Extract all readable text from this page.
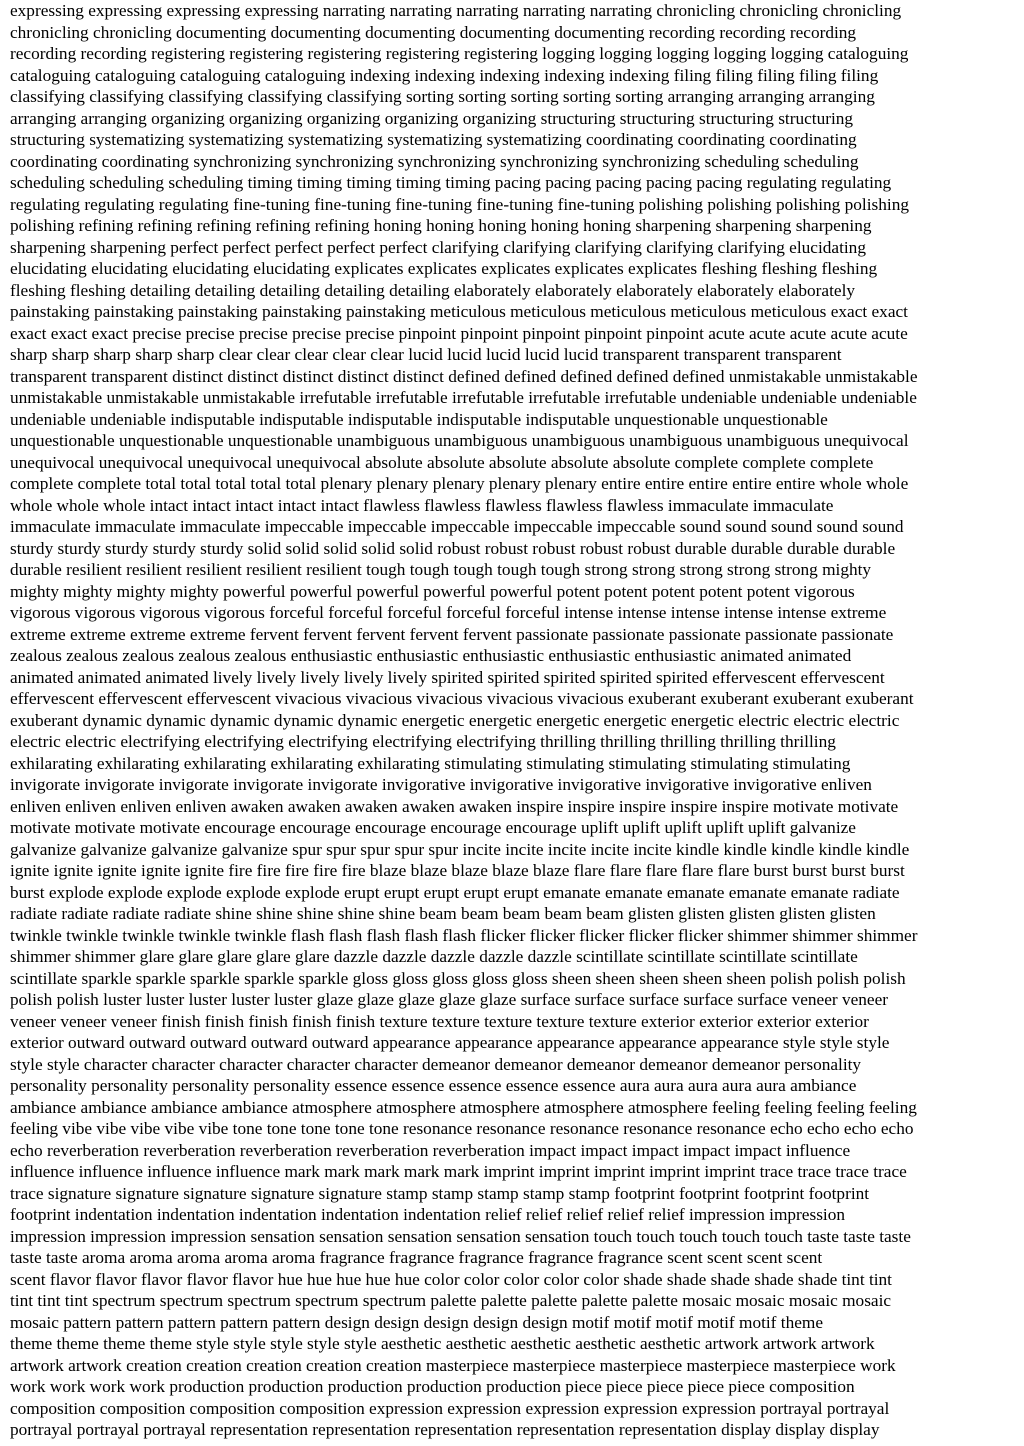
expressing expressing expressing expressing narrating narrating narrating narrating narrating chronicling chronicling chronicling
chronicling chronicling documenting documenting documenting documenting documenting recording recording recording
recording recording registering registering registering registering registering logging logging logging logging logging cataloguing
cataloguing cataloguing cataloguing cataloguing indexing indexing indexing indexing indexing filing filing filing filing filing
classifying classifying classifying classifying classifying sorting sorting sorting sorting sorting arranging arranging arranging
arranging arranging organizing organizing organizing organizing organizing structuring structuring structuring structuring
structuring systematizing systematizing systematizing systematizing systematizing coordinating coordinating coordinating
coordinating coordinating synchronizing synchronizing synchronizing synchronizing synchronizing scheduling scheduling
scheduling scheduling scheduling timing timing timing timing timing pacing pacing pacing pacing pacing regulating regulating
regulating regulating regulating fine-tuning fine-tuning fine-tuning fine-tuning fine-tuning polishing polishing polishing polishing
polishing refining refining refining refining refining honing honing honing honing honing sharpening sharpening sharpening
sharpening sharpening perfect perfect perfect perfect perfect clarifying clarifying clarifying clarifying clarifying elucidating
elucidating elucidating elucidating elucidating explicates explicates explicates explicates explicates fleshing fleshing fleshing
fleshing fleshing detailing detailing detailing detailing detailing elaborately elaborately elaborately elaborately elaborately
painstaking painstaking painstaking painstaking painstaking meticulous meticulous meticulous meticulous meticulous exact exact
exact exact exact precise precise precise precise precise pinpoint pinpoint pinpoint pinpoint pinpoint acute acute acute acute acute
sharp sharp sharp sharp sharp clear clear clear clear clear lucid lucid lucid lucid lucid transparent transparent transparent
transparent transparent distinct distinct distinct distinct distinct defined defined defined defined defined unmistakable unmistakable
unmistakable unmistakable unmistakable irrefutable irrefutable irrefutable irrefutable irrefutable undeniable undeniable undeniable
undeniable undeniable indisputable indisputable indisputable indisputable indisputable unquestionable unquestionable
unquestionable unquestionable unquestionable unambiguous unambiguous unambiguous unambiguous unambiguous unequivocal
unequivocal unequivocal unequivocal unequivocal absolute absolute absolute absolute absolute complete complete complete
complete complete total total total total total plenary plenary plenary plenary plenary entire entire entire entire entire whole whole
whole whole whole intact intact intact intact intact flawless flawless flawless flawless flawless immaculate immaculate
immaculate immaculate immaculate impeccable impeccable impeccable impeccable impeccable sound sound sound sound sound
sturdy sturdy sturdy sturdy sturdy solid solid solid solid solid robust robust robust robust robust durable durable durable durable
durable resilient resilient resilient resilient resilient tough tough tough tough tough strong strong strong strong strong mighty
mighty mighty mighty mighty powerful powerful powerful powerful powerful potent potent potent potent potent vigorous
vigorous vigorous vigorous vigorous forceful forceful forceful forceful forceful intense intense intense intense intense extreme
extreme extreme extreme extreme fervent fervent fervent fervent fervent passionate passionate passionate passionate passionate
zealous zealous zealous zealous zealous enthusiastic enthusiastic enthusiastic enthusiastic enthusiastic animated animated
animated animated animated lively lively lively lively lively spirited spirited spirited spirited spirited effervescent effervescent
effervescent effervescent effervescent vivacious vivacious vivacious vivacious vivacious exuberant exuberant exuberant exuberant
exuberant dynamic dynamic dynamic dynamic dynamic energetic energetic energetic energetic energetic electric electric electric
electric electric electrifying electrifying electrifying electrifying electrifying thrilling thrilling thrilling thrilling thrilling
exhilarating exhilarating exhilarating exhilarating exhilarating stimulating stimulating stimulating stimulating stimulating
invigorate invigorate invigorate invigorate invigorate invigorative invigorative invigorative invigorative invigorative enliven
enliven enliven enliven enliven awaken awaken awaken awaken awaken inspire inspire inspire inspire inspire motivate motivate
motivate motivate motivate encourage encourage encourage encourage encourage uplift uplift uplift uplift uplift galvanize
galvanize galvanize galvanize galvanize spur spur spur spur spur incite incite incite incite incite kindle kindle kindle kindle kindle
ignite ignite ignite ignite ignite fire fire fire fire fire blaze blaze blaze blaze blaze flare flare flare flare flare burst burst burst burst
burst explode explode explode explode explode erupt erupt erupt erupt erupt emanate emanate emanate emanate emanate radiate
radiate radiate radiate radiate shine shine shine shine shine beam beam beam beam beam glisten glisten glisten glisten glisten
twinkle twinkle twinkle twinkle twinkle flash flash flash flash flash flicker flicker flicker flicker flicker shimmer shimmer shimmer
shimmer shimmer glare glare glare glare glare dazzle dazzle dazzle dazzle dazzle scintillate scintillate scintillate scintillate
scintillate sparkle sparkle sparkle sparkle sparkle gloss gloss gloss gloss gloss sheen sheen sheen sheen sheen polish polish polish
polish polish luster luster luster luster luster glaze glaze glaze glaze glaze surface surface surface surface surface veneer veneer
veneer veneer veneer finish finish finish finish finish texture texture texture texture texture exterior exterior exterior exterior
exterior outward outward outward outward outward appearance appearance appearance appearance appearance style style style
style style character character character character character demeanor demeanor demeanor demeanor demeanor personality
personality personality personality personality essence essence essence essence essence aura aura aura aura aura ambiance
ambiance ambiance ambiance ambiance atmosphere atmosphere atmosphere atmosphere atmosphere feeling feeling feeling feeling
feeling vibe vibe vibe vibe vibe tone tone tone tone tone resonance resonance resonance resonance resonance echo echo echo echo
echo reverberation reverberation reverberation reverberation reverberation impact impact impact impact impact influence
influence influence influence influence mark mark mark mark mark imprint imprint imprint imprint imprint trace trace trace trace
trace signature signature signature signature signature stamp stamp stamp stamp stamp footprint footprint footprint footprint
footprint indentation indentation indentation indentation indentation relief relief relief relief relief impression impression
impression impression impression sensation sensation sensation sensation sensation touch touch touch touch touch taste taste taste
taste taste aroma aroma aroma aroma aroma fragrance fragrance fragrance fragrance fragrance scent scent scent scent
scent flavor flavor flavor flavor flavor hue hue hue hue hue color color color color color shade shade shade shade shade tint tint
tint tint tint spectrum spectrum spectrum spectrum spectrum palette palette palette palette palette mosaic mosaic mosaic mosaic
mosaic pattern pattern pattern pattern pattern design design design design design motif motif motif motif motif theme
theme theme theme theme style style style style style aesthetic aesthetic aesthetic aesthetic aesthetic artwork artwork artwork
artwork artwork creation creation creation creation creation masterpiece masterpiece masterpiece masterpiece masterpiece work
work work work work production production production production production piece piece piece piece piece composition
composition composition composition composition expression expression expression expression expression portrayal portrayal
portrayal portrayal portrayal representation representation representation representation representation display display display
